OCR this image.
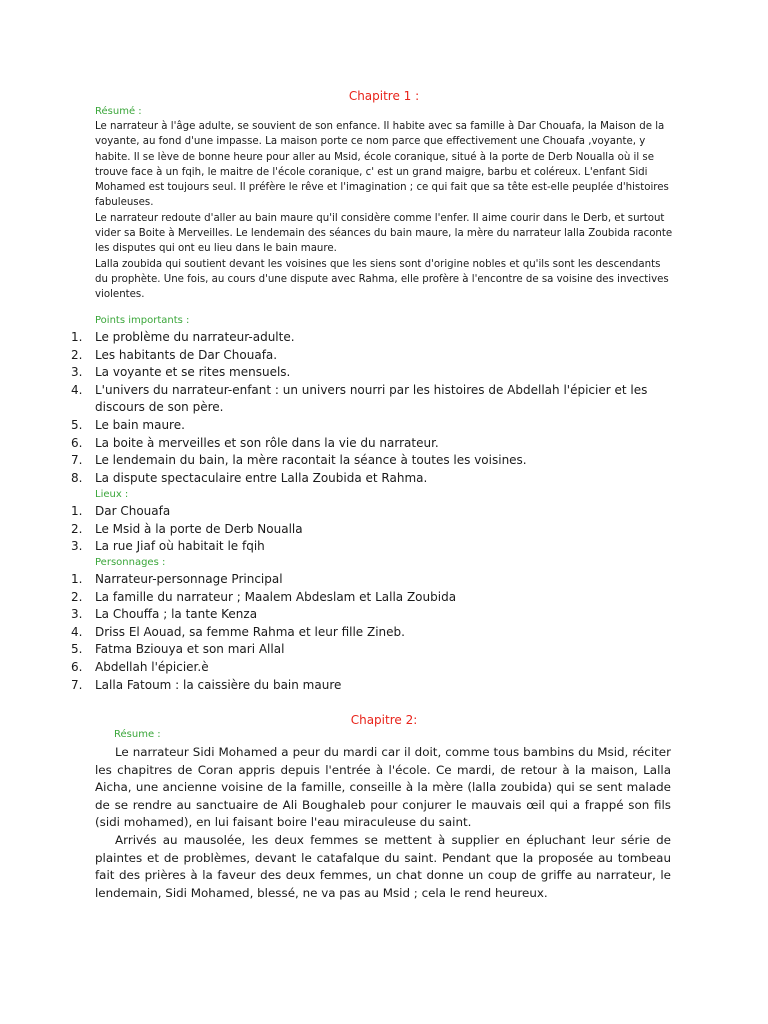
Chapitre 1 :
Résumé :

Le narrateur à l'âge adulte, se souvient de son enfance. Il habite avec sa famille à Dar Chouafa, la Maison de la voyante, au fond d'une impasse. La maison porte ce nom parce que effectivement une Chouafa ,voyante, y habite. Il se lève de bonne heure pour aller au Msid, école coranique, situé à la porte de Derb Noualla où il se trouve face à un fqih, le maitre de l'école coranique, c' est un grand maigre, barbu et coléreux. L'enfant Sidi Mohamed est toujours seul. Il préfère le rêve et l'imagination ; ce qui fait que sa tête est-elle peuplée d'histoires fabuleuses.

Le narrateur redoute d'aller au bain maure qu'il considère comme l'enfer. Il aime courir dans le Derb, et surtout vider sa Boite à Merveilles. Le lendemain des séances du bain maure, la mère du narrateur lalla Zoubida raconte les disputes qui ont eu lieu dans le bain maure.

Lalla zoubida qui soutient devant les voisines que les siens sont d'origine nobles et qu'ils sont les descendants du prophète. Une fois, au cours d'une dispute avec Rahma, elle profère à l'encontre de sa voisine des invectives violentes.

Points importants :
1.	Le problème du narrateur-adulte.
2.	Les habitants de Dar Chouafa.
3.	La voyante et se rites mensuels.
4.	L'univers du narrateur-enfant : un univers nourri par les histoires de Abdellah l'épicier et les discours de son père.
5.	Le bain maure.
6.	La boite à merveilles et son rôle dans la vie du narrateur.
7.	Le lendemain du bain, la mère racontait la séance à toutes les voisines.
8.	La dispute spectaculaire entre Lalla Zoubida et Rahma.
Lieux :
1.	Dar Chouafa
2.	Le Msid à la porte de Derb Noualla
3.	La rue Jiaf où habitait le fqih
Personnages :
1.	Narrateur-personnage Principal
2.	La famille du narrateur ; Maalem Abdeslam et Lalla Zoubida
3.	La Chouffa ; la tante Kenza
4.	Driss El Aouad, sa femme Rahma et leur fille Zineb.
5.	Fatma Bziouya et son mari Allal
6.	Abdellah l'épicier.è
7.	Lalla Fatoum : la caissière du bain maure
Chapitre 2:
Résume :

Le narrateur Sidi Mohamed a peur du mardi car il doit, comme tous bambins du Msid, réciter les chapitres de Coran appris depuis l'entrée à l'école. Ce mardi, de retour à la maison, Lalla Aicha, une ancienne voisine de la famille, conseille à la mère (lalla zoubida) qui se sent malade de se rendre au sanctuaire de Ali Boughaleb pour conjurer le mauvais œil qui a frappé son fils (sidi mohamed), en lui faisant boire l'eau miraculeuse du saint.

Arrivés au mausolée, les deux femmes se mettent à supplier en épluchant leur série de plaintes et de problèmes, devant le catafalque du saint. Pendant que la proposée au tombeau fait des prières à la faveur des deux femmes, un chat donne un coup de griffe au narrateur, le lendemain, Sidi Mohamed, blessé, ne va pas au Msid ; cela le rend heureux.
